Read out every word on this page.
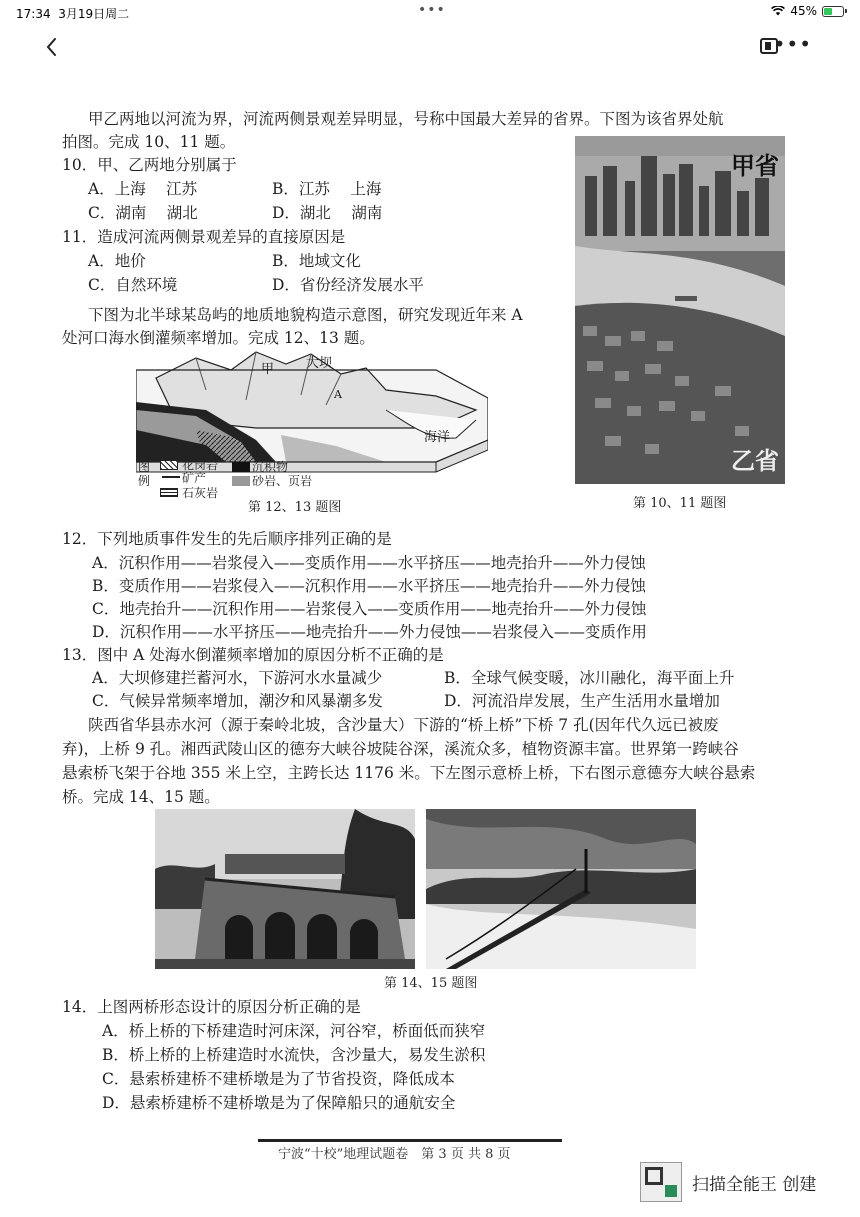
17:34 3月19日周二	•••	45%
•••
甲乙两地以河流为界，河流两侧景观差异明显，号称中国最大差异的省界。下图为该省界处航
拍图。完成 10、11 题。
10．甲、乙两地分别属于
A．上海　 江苏	B．江苏　 上海
C．湖南　 湖北	D．湖北　 湖南
11．造成河流两侧景观差异的直接原因是
A．地价	B．地域文化
C．自然环境	D．省份经济发展水平
下图为北半球某岛屿的地质地貌构造示意图，研究发现近年来 A
处河口海水倒灌频率增加。完成 12、13 题。
甲省
乙省
第 10、11 题图
甲 大坝
A
海洋
图例
花岗岩	沉积物
矿产	砂岩、页岩
石灰岩
第 12、13 题图
12．下列地质事件发生的先后顺序排列正确的是
A．沉积作用——岩浆侵入——变质作用——水平挤压——地壳抬升——外力侵蚀
B．变质作用——岩浆侵入——沉积作用——水平挤压——地壳抬升——外力侵蚀
C．地壳抬升——沉积作用——岩浆侵入——变质作用——地壳抬升——外力侵蚀
D．沉积作用——水平挤压——地壳抬升——外力侵蚀——岩浆侵入——变质作用
13．图中 A 处海水倒灌频率增加的原因分析不正确的是
A．大坝修建拦蓄河水，下游河水水量减少	B．全球气候变暖，冰川融化，海平面上升
C．气候异常频率增加，潮汐和风暴潮多发	D．河流沿岸发展，生产生活用水量增加
陕西省华县赤水河（源于秦岭北坡，含沙量大）下游的“桥上桥”下桥 7 孔(因年代久远已被废
弃)，上桥 9 孔。湘西武陵山区的德夯大峡谷坡陡谷深，溪流众多，植物资源丰富。世界第一跨峡谷
悬索桥飞架于谷地 355 米上空，主跨长达 1176 米。下左图示意桥上桥，下右图示意德夯大峡谷悬索
桥。完成 14、15 题。
第 14、15 题图
14．上图两桥形态设计的原因分析正确的是
A．桥上桥的下桥建造时河床深，河谷窄，桥面低而狭窄
B．桥上桥的上桥建造时水流快，含沙量大，易发生淤积
C．悬索桥建桥不建桥墩是为了节省投资，降低成本
D．悬索桥建桥不建桥墩是为了保障船只的通航安全
宁波“十校”地理试题卷　第 3 页 共 8 页
扫描全能王 创建
